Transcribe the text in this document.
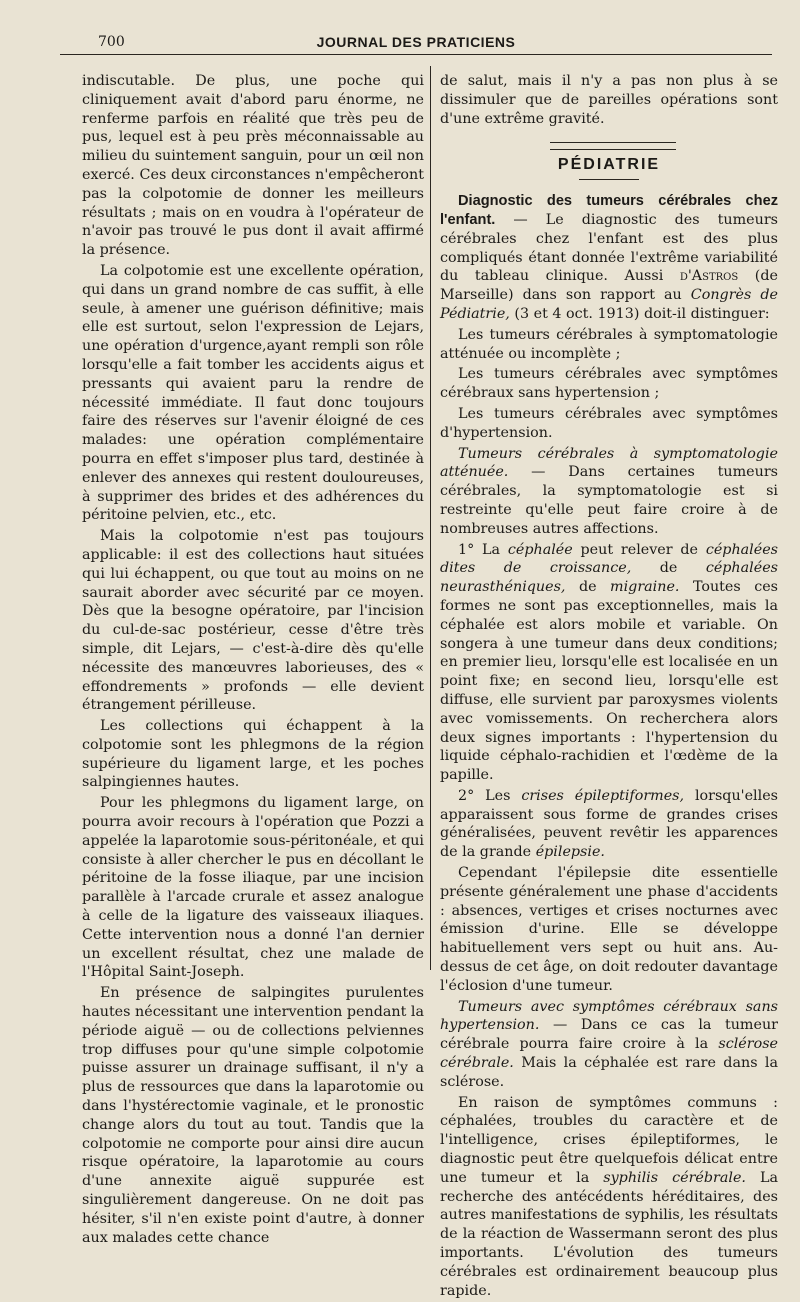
700	JOURNAL DES PRATICIENS

indiscutable. De plus, une poche qui cliniquement avait d'abord paru énorme, ne renferme parfois en réalité que très peu de pus, lequel est à peu près méconnaissable au milieu du suintement sanguin, pour un œil non exercé. Ces deux circonstances n'empêcheront pas la colpotomie de donner les meilleurs résultats ; mais on en voudra à l'opérateur de n'avoir pas trouvé le pus dont il avait affirmé la présence.

La colpotomie est une excellente opération, qui dans un grand nombre de cas suffit, à elle seule, à amener une guérison définitive; mais elle est surtout, selon l'expression de Lejars, une opération d'urgence,ayant rempli son rôle lorsqu'elle a fait tomber les accidents aigus et pressants qui avaient paru la rendre de nécessité immédiate. Il faut donc toujours faire des réserves sur l'avenir éloigné de ces malades: une opération complémentaire pourra en effet s'imposer plus tard, destinée à enlever des annexes qui restent douloureuses, à supprimer des brides et des adhérences du péritoine pelvien, etc., etc.

Mais la colpotomie n'est pas toujours applicable: il est des collections haut situées qui lui échappent, ou que tout au moins on ne saurait aborder avec sécurité par ce moyen. Dès que la besogne opératoire, par l'incision du cul-de-sac postérieur, cesse d'être très simple, dit Lejars, — c'est-à-dire dès qu'elle nécessite des manœuvres laborieuses, des « effondrements » profonds — elle devient étrangement périlleuse.

Les collections qui échappent à la colpotomie sont les phlegmons de la région supérieure du ligament large, et les poches salpingiennes hautes.

Pour les phlegmons du ligament large, on pourra avoir recours à l'opération que Pozzi a appelée la laparotomie sous-péritonéale, et qui consiste à aller chercher le pus en décollant le péritoine de la fosse iliaque, par une incision parallèle à l'arcade crurale et assez analogue à celle de la ligature des vaisseaux iliaques. Cette intervention nous a donné l'an dernier un excellent résultat, chez une malade de l'Hôpital Saint-Joseph.

En présence de salpingites purulentes hautes nécessitant une intervention pendant la période aiguë — ou de collections pelviennes trop diffuses pour qu'une simple colpotomie puisse assurer un drainage suffisant, il n'y a plus de ressources que dans la laparotomie ou dans l'hystérectomie vaginale, et le pronostic change alors du tout au tout. Tandis que la colpotomie ne comporte pour ainsi dire aucun risque opératoire, la laparotomie au cours d'une annexite aiguë suppurée est singulièrement dangereuse. On ne doit pas hésiter, s'il n'en existe point d'autre, à donner aux malades cette chance

de salut, mais il n'y a pas non plus à se dissimuler que de pareilles opérations sont d'une extrême gravité.

PÉDIATRIE

Diagnostic des tumeurs cérébrales chez l'enfant. — Le diagnostic des tumeurs cérébrales chez l'enfant est des plus compliqués étant donnée l'extrême variabilité du tableau clinique. Aussi d'Astros (de Marseille) dans son rapport au Congrès de Pédiatrie, (3 et 4 oct. 1913) doit-il distinguer:

Les tumeurs cérébrales à symptomatologie atténuée ou incomplète ;

Les tumeurs cérébrales avec symptômes cérébraux sans hypertension ;

Les tumeurs cérébrales avec symptômes d'hypertension.

Tumeurs cérébrales à symptomatologie atténuée. — Dans certaines tumeurs cérébrales, la symptomatologie est si restreinte qu'elle peut faire croire à de nombreuses autres affections.

1° La céphalée peut relever de céphalées dites de croissance, de céphalées neurasthéniques, de migraine. Toutes ces formes ne sont pas exceptionnelles, mais la céphalée est alors mobile et variable. On songera à une tumeur dans deux conditions; en premier lieu, lorsqu'elle est localisée en un point fixe; en second lieu, lorsqu'elle est diffuse, elle survient par paroxysmes violents avec vomissements. On recherchera alors deux signes importants : l'hypertension du liquide céphalo-rachidien et l'œdème de la papille.

2° Les crises épileptiformes, lorsqu'elles apparaissent sous forme de grandes crises généralisées, peuvent revêtir les apparences de la grande épilepsie.

Cependant l'épilepsie dite essentielle présente généralement une phase d'accidents : absences, vertiges et crises nocturnes avec émission d'urine. Elle se développe habituellement vers sept ou huit ans. Au-dessus de cet âge, on doit redouter davantage l'éclosion d'une tumeur.

Tumeurs avec symptômes cérébraux sans hypertension. — Dans ce cas la tumeur cérébrale pourra faire croire à la sclérose cérébrale. Mais la céphalée est rare dans la sclérose.

En raison de symptômes communs : céphalées, troubles du caractère et de l'intelligence, crises épileptiformes, le diagnostic peut être quelquefois délicat entre une tumeur et la syphilis cérébrale. La recherche des antécédents héréditaires, des autres manifestations de syphilis, les résultats de la réaction de Wassermann seront des plus importants. L'évolution des tumeurs cérébrales est ordinairement beaucoup plus rapide.
